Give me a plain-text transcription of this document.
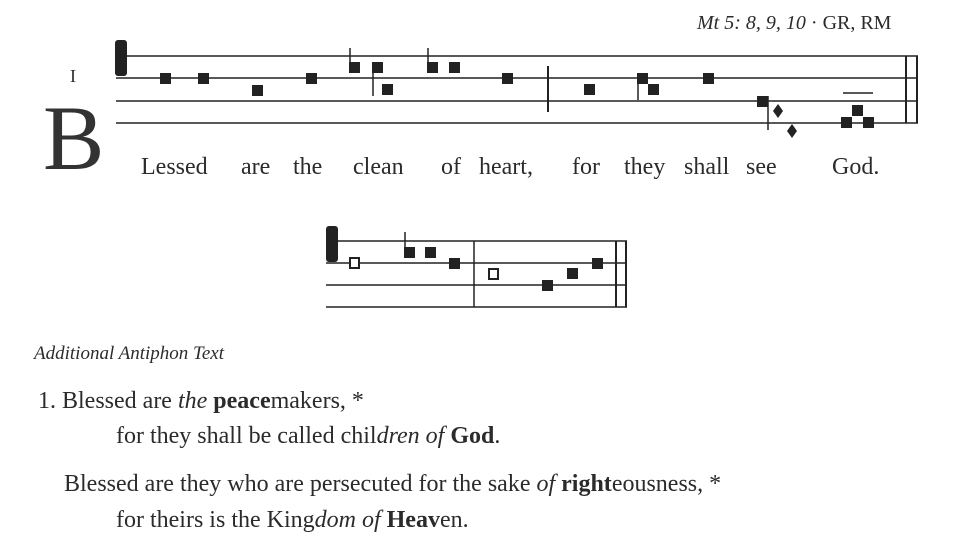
Mt 5: 8, 9, 10 · GR, RM
I
B Lessed are the clean of heart, for they shall see God.
Additional Antiphon Text
1. Blessed are the peacemakers, *
for they shall be called children of God.
Blessed are they who are persecuted for the sake of righteousness, *
for theirs is the Kingdom of Heaven.
